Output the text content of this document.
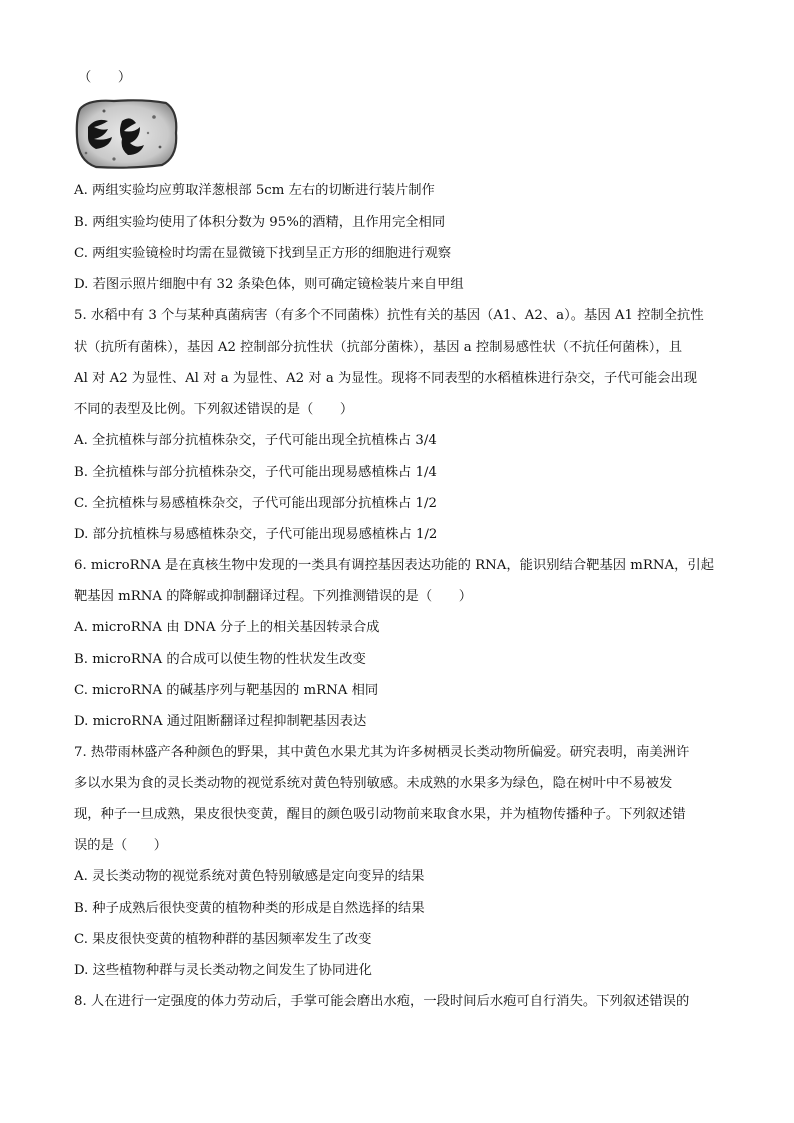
（　　）
A. 两组实验均应剪取洋葱根部 5cm 左右的切断进行装片制作
B. 两组实验均使用了体积分数为 95%的酒精，且作用完全相同
C. 两组实验镜检时均需在显微镜下找到呈正方形的细胞进行观察
D. 若图示照片细胞中有 32 条染色体，则可确定镜检装片来自甲组
5. 水稻中有 3 个与某种真菌病害（有多个不同菌株）抗性有关的基因（A1、A2、a）。基因 A1 控制全抗性
状（抗所有菌株），基因 A2 控制部分抗性状（抗部分菌株），基因 a 控制易感性状（不抗任何菌株），且
Al 对 A2 为显性、Al 对 a 为显性、A2 对 a 为显性。现将不同表型的水稻植株进行杂交，子代可能会出现
不同的表型及比例。下列叙述错误的是（　　）
A. 全抗植株与部分抗植株杂交，子代可能出现全抗植株占 3/4
B. 全抗植株与部分抗植株杂交，子代可能出现易感植株占 1/4
C. 全抗植株与易感植株杂交，子代可能出现部分抗植株占 1/2
D. 部分抗植株与易感植株杂交，子代可能出现易感植株占 1/2
6. microRNA 是在真核生物中发现的一类具有调控基因表达功能的 RNA，能识别结合靶基因 mRNA，引起
靶基因 mRNA 的降解或抑制翻译过程。下列推测错误的是（　　）
A. microRNA 由 DNA 分子上的相关基因转录合成
B. microRNA 的合成可以使生物的性状发生改变
C. microRNA 的碱基序列与靶基因的 mRNA 相同
D. microRNA 通过阻断翻译过程抑制靶基因表达
7. 热带雨林盛产各种颜色的野果，其中黄色水果尤其为许多树栖灵长类动物所偏爱。研究表明，南美洲许
多以水果为食的灵长类动物的视觉系统对黄色特别敏感。未成熟的水果多为绿色，隐在树叶中不易被发
现，种子一旦成熟，果皮很快变黄，醒目的颜色吸引动物前来取食水果，并为植物传播种子。下列叙述错
误的是（　　）
A. 灵长类动物的视觉系统对黄色特别敏感是定向变异的结果
B. 种子成熟后很快变黄的植物种类的形成是自然选择的结果
C. 果皮很快变黄的植物种群的基因频率发生了改变
D. 这些植物种群与灵长类动物之间发生了协同进化
8. 人在进行一定强度的体力劳动后，手掌可能会磨出水疱，一段时间后水疱可自行消失。下列叙述错误的
